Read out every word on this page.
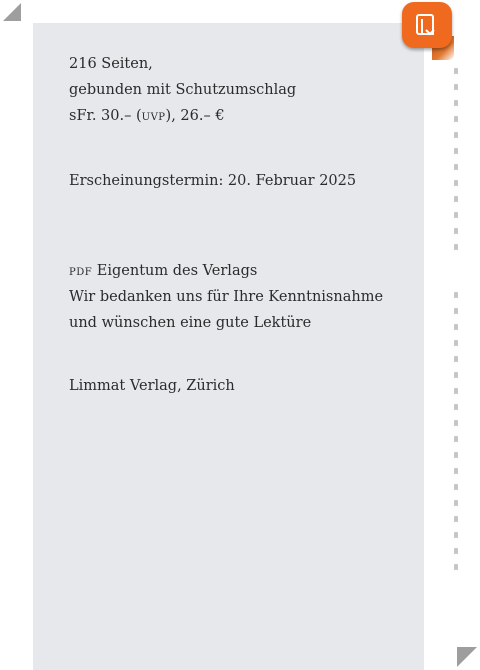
216 Seiten,
gebunden mit Schutzumschlag
sFr. 30.– (uvp), 26.– €
Erscheinungstermin: 20. Februar 2025
pdf Eigentum des Verlags
Wir bedanken uns für Ihre Kenntnisnahme
und wünschen eine gute Lektüre
Limmat Verlag, Zürich
